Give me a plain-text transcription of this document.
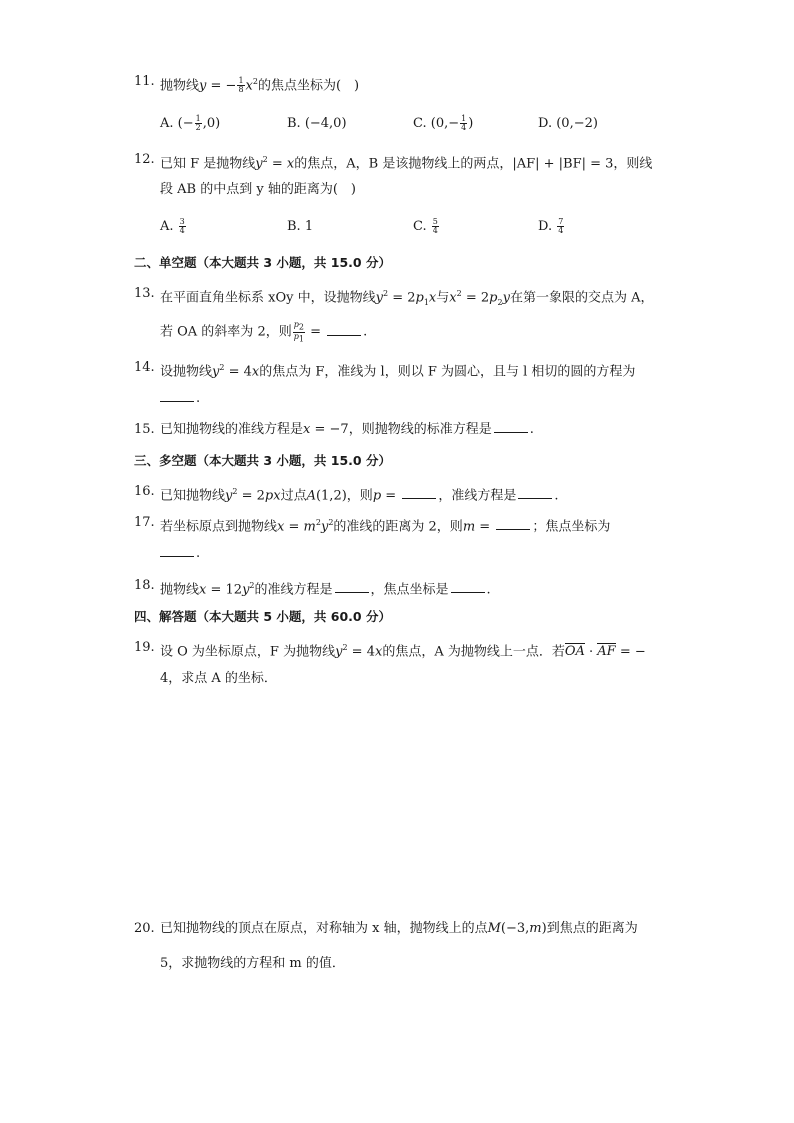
11. 抛物线y = − $\frac{1}{8} x^2$的焦点坐标为(　)
A. (− $\frac{1}{2} ,0$)	B. (−4,0)	C. ($0,- \frac{1}{4}$ )	D. (0,−2)
12. 已知 F 是抛物线$y^2 = x$的焦点，A，B 是该抛物线上的两点，|AF| + |BF| = 3，则线
段 AB 的中点到 y 轴的距离为(　)
A. $\frac{3}{4}$	B. 1	C. $\frac{5}{4}$	D. $\frac{7}{4}$
二、单空题（本大题共 3 小题，共 15.0 分）
13. 在平面直角坐标系 xOy 中，设抛物线$y^2 = 2p_1x$与$x^2 = 2p_2y$在第一象限的交点为 A，
若 OA 的斜率为 2，则 $\frac{p_2}{p_1}$ =	.
14. 设抛物线$y^2 = 4x$的焦点为 F，准线为 l，则以 F 为圆心，且与 l 相切的圆的方程为
.
15. 已知抛物线的准线方程是x = −7，则抛物线的标准方程是	.
三、多空题（本大题共 3 小题，共 15.0 分）
16. 已知抛物线$y^2 = 2px$过点A(1,2)，则p =	，准线方程是	.
17. 若坐标原点到抛物线$x = m^2y^2$的准线的距离为 2，则m =	；焦点坐标为
.
18. 抛物线$x = 12y^2$的准线方程是	，焦点坐标是	.
四、解答题（本大题共 5 小题，共 60.0 分）
19. 设 O 为坐标原点，F 为抛物线$y^2 = 4x$的焦点，A 为抛物线上一点．若OA · AF = −
4，求点 A 的坐标．
20. 已知抛物线的顶点在原点，对称轴为 x 轴，抛物线上的点M(−3,m)到焦点的距离为
5，求抛物线的方程和 m 的值．
